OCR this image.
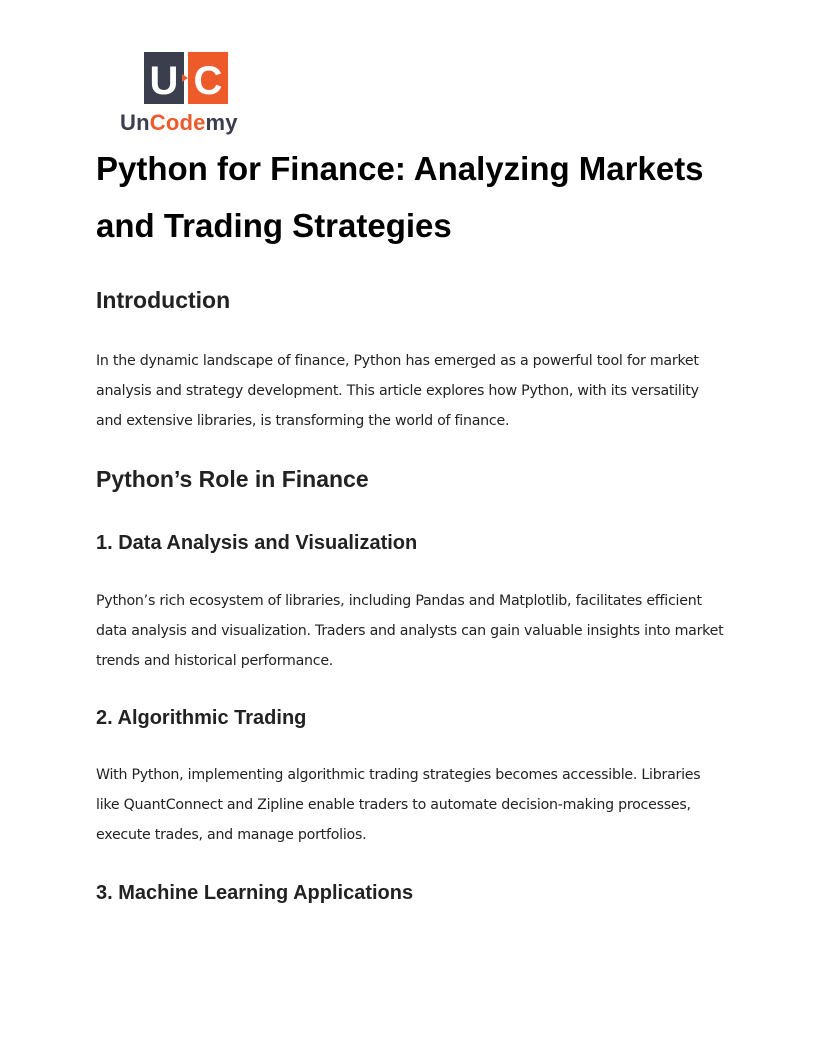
U C
UnCodemy
Python for Finance: Analyzing Markets and Trading Strategies
Introduction

In the dynamic landscape of finance, Python has emerged as a powerful tool for market analysis and strategy development. This article explores how Python, with its versatility and extensive libraries, is transforming the world of finance.

Python’s Role in Finance
1. Data Analysis and Visualization

Python’s rich ecosystem of libraries, including Pandas and Matplotlib, facilitates efficient data analysis and visualization. Traders and analysts can gain valuable insights into market trends and historical performance.

2. Algorithmic Trading

With Python, implementing algorithmic trading strategies becomes accessible. Libraries like QuantConnect and Zipline enable traders to automate decision-making processes, execute trades, and manage portfolios.

3. Machine Learning Applications
